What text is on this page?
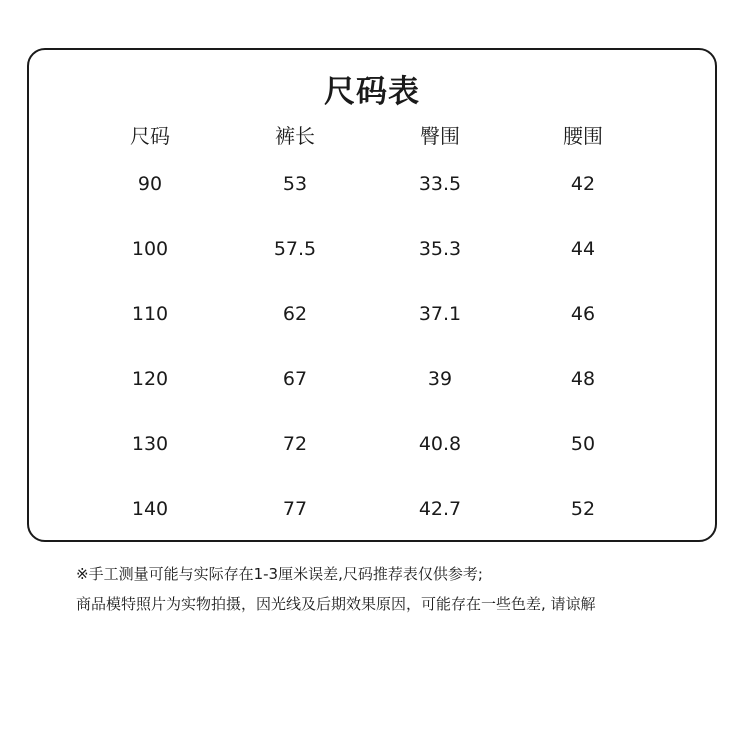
尺码表
尺码	裤长	臀围	腰围
90	53	33.5	42
100	57.5	35.3	44
110	62	37.1	46
120	67	39	48
130	72	40.8	50
140	77	42.7	52
※手工测量可能与实际存在1-3厘米误差,尺码推荐表仅供参考;
商品模特照片为实物拍摄，因光线及后期效果原因，可能存在一些色差, 请谅解
